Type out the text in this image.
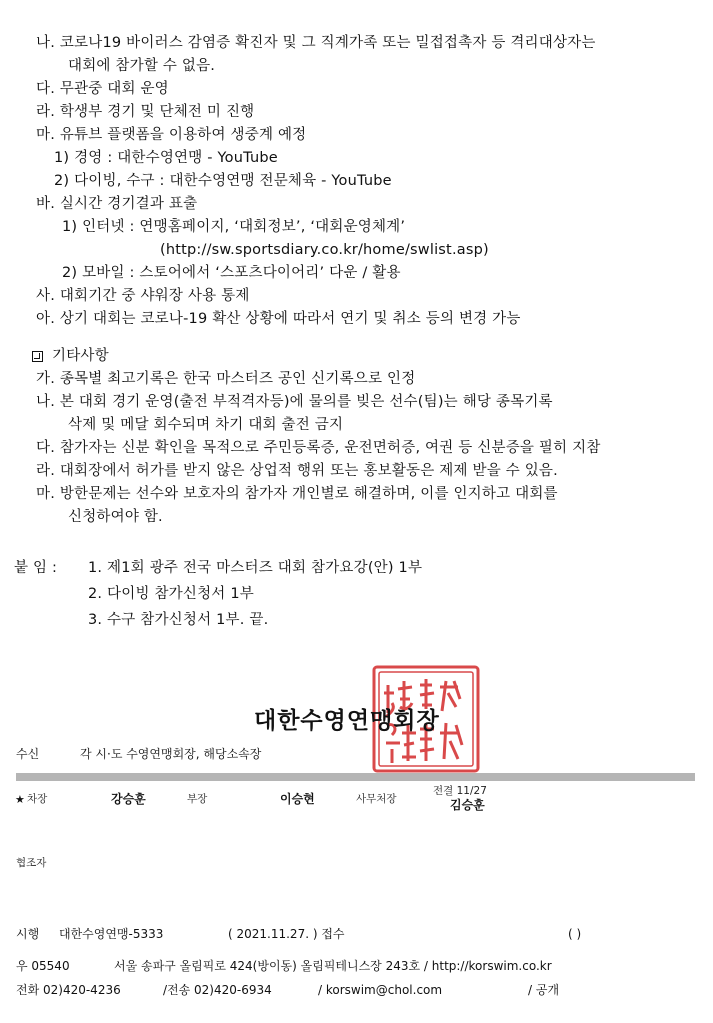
나. 코로나19 바이러스 감염증 확진자 및 그 직계가족 또는 밀접접촉자 등 격리대상자는
대회에 참가할 수 없음.
다. 무관중 대회 운영
라. 학생부 경기 및 단체전 미 진행
마. 유튜브 플랫폼을 이용하여 생중계 예정
1) 경영 : 대한수영연맹 - YouTube
2) 다이빙, 수구 : 대한수영연맹 전문체육 - YouTube
바. 실시간 경기결과 표출
1) 인터넷 : 연맹홈페이지, ‘대회정보’, ‘대회운영체계’
(http://sw.sportsdiary.co.kr/home/swlist.asp)
2) 모바일 : 스토어에서 ‘스포츠다이어리’ 다운 / 활용
사. 대회기간 중 샤워장 사용 통제
아. 상기 대회는 코로나-19 확산 상황에 따라서 연기 및 취소 등의 변경 가능
기타사항
가. 종목별 최고기록은 한국 마스터즈 공인 신기록으로 인정
나. 본 대회 경기 운영(출전 부적격자등)에 물의를 빚은 선수(팀)는 해당 종목기록
삭제 및 메달 회수되며 차기 대회 출전 금지
다. 참가자는 신분 확인을 목적으로 주민등록증, 운전면허증, 여권 등 신분증을 필히 지참
라. 대회장에서 허가를 받지 않은 상업적 행위 또는 홍보활동은 제제 받을 수 있음.
마. 방한문제는 선수와 보호자의 참가자 개인별로 해결하며, 이를 인지하고 대회를
신청하여야 함.
붙 임 : 1. 제1회 광주 전국 마스터즈 대회 참가요강(안) 1부
2. 다이빙 참가신청서 1부
3. 수구 참가신청서 1부. 끝.
대한수영연맹회장
수신	각 시·도 수영연맹회장, 해당소속장
★ 차장	강승훈	부장	이승현	사무처장
전결 11/27
김승훈
협조자
시행 대한수영연맹-5333	( 2021.11.27. ) 접수	( )
우 05540	서울 송파구 올림픽로 424(방이동) 올림픽테니스장 243호 / http://korswim.co.kr
전화 02)420-4236	/전송 02)420-6934	/ korswim@chol.com	/ 공개
